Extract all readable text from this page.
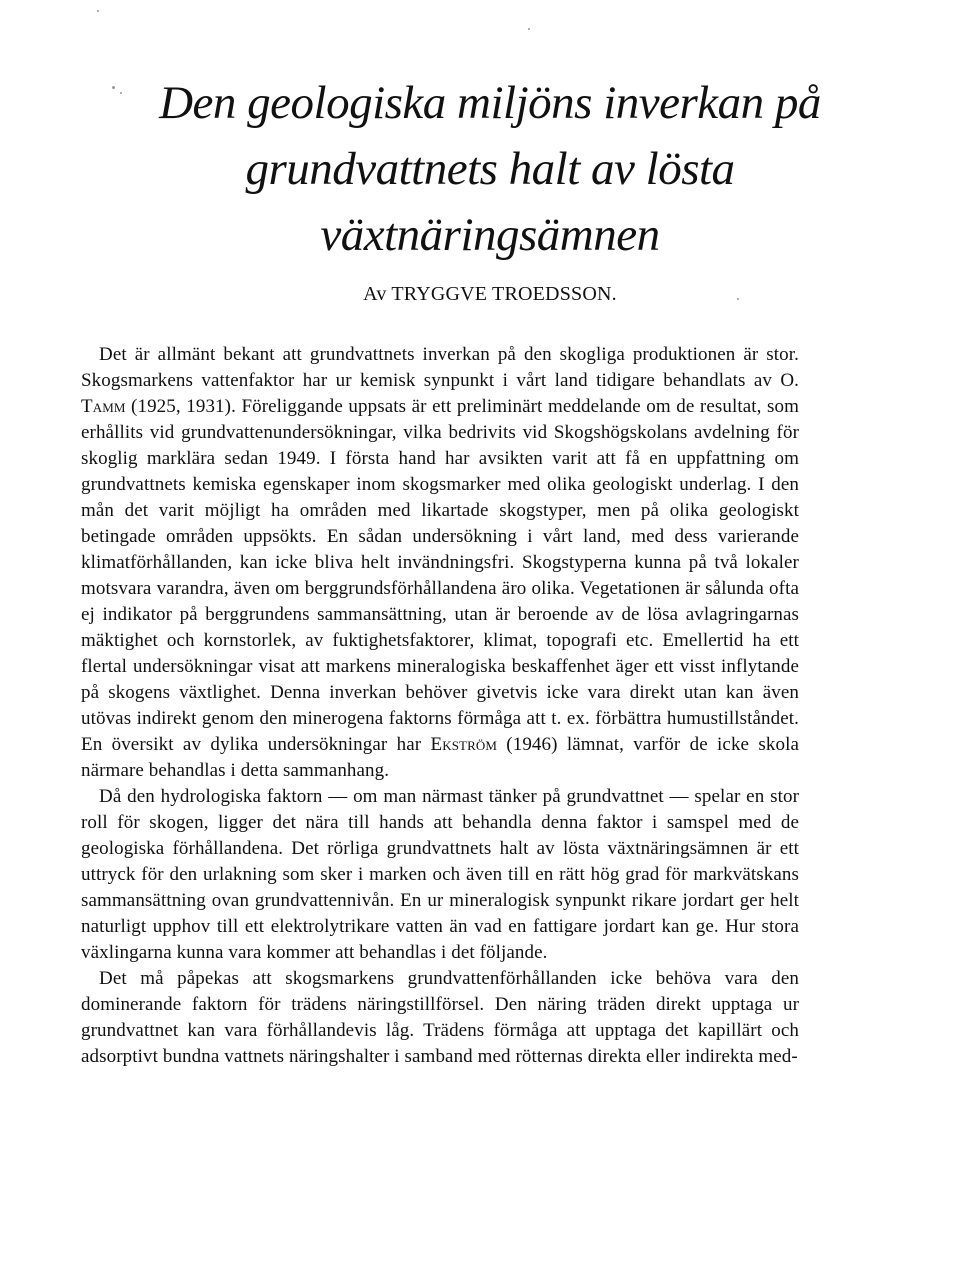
Den geologiska miljöns inverkan på
grundvattnets halt av lösta
växtnäringsämnen
Av TRYGGVE TROEDSSON.

Det är allmänt bekant att grundvattnets inverkan på den skogliga produktionen är stor. Skogsmarkens vattenfaktor har ur kemisk synpunkt i vårt land tidigare behandlats av O. Tamm (1925, 1931). Föreliggande uppsats är ett preliminärt meddelande om de resultat, som erhållits vid grundvattenundersökningar, vilka bedrivits vid Skogshögskolans avdelning för skoglig marklära sedan 1949. I första hand har avsikten varit att få en uppfattning om grundvattnets kemiska egenskaper inom skogsmarker med olika geologiskt underlag. I den mån det varit möjligt ha områden med likartade skogstyper, men på olika geologiskt betingade områden uppsökts. En sådan undersökning i vårt land, med dess varierande klimatförhållanden, kan icke bliva helt invändningsfri. Skogstyperna kunna på två lokaler motsvara varandra, även om berggrundsförhållandena äro olika. Vegetationen är sålunda ofta ej indikator på berggrundens sammansättning, utan är beroende av de lösa avlagringarnas mäktighet och kornstorlek, av fuktighetsfaktorer, klimat, topografi etc. Emellertid ha ett flertal undersökningar visat att markens mineralogiska beskaffenhet äger ett visst inflytande på skogens växtlighet. Denna inverkan behöver givetvis icke vara direkt utan kan även utövas indirekt genom den minerogena faktorns förmåga att t. ex. förbättra humustillståndet. En översikt av dylika undersökningar har Ekström (1946) lämnat, varför de icke skola närmare behandlas i detta sammanhang.

Då den hydrologiska faktorn — om man närmast tänker på grundvattnet — spelar en stor roll för skogen, ligger det nära till hands att behandla denna faktor i samspel med de geologiska förhållandena. Det rörliga grundvattnets halt av lösta växtnäringsämnen är ett uttryck för den urlakning som sker i marken och även till en rätt hög grad för markvätskans sammansättning ovan grundvattennivån. En ur mineralogisk synpunkt rikare jordart ger helt naturligt upphov till ett elektrolytrikare vatten än vad en fattigare jordart kan ge. Hur stora växlingarna kunna vara kommer att behandlas i det följande.

Det må påpekas att skogsmarkens grundvattenförhållanden icke behöva vara den dominerande faktorn för trädens näringstillförsel. Den näring träden direkt upptaga ur grundvattnet kan vara förhållandevis låg. Trädens förmåga att upptaga det kapillärt och adsorptivt bundna vattnets näringshalter i samband med rötternas direkta eller indirekta med-
